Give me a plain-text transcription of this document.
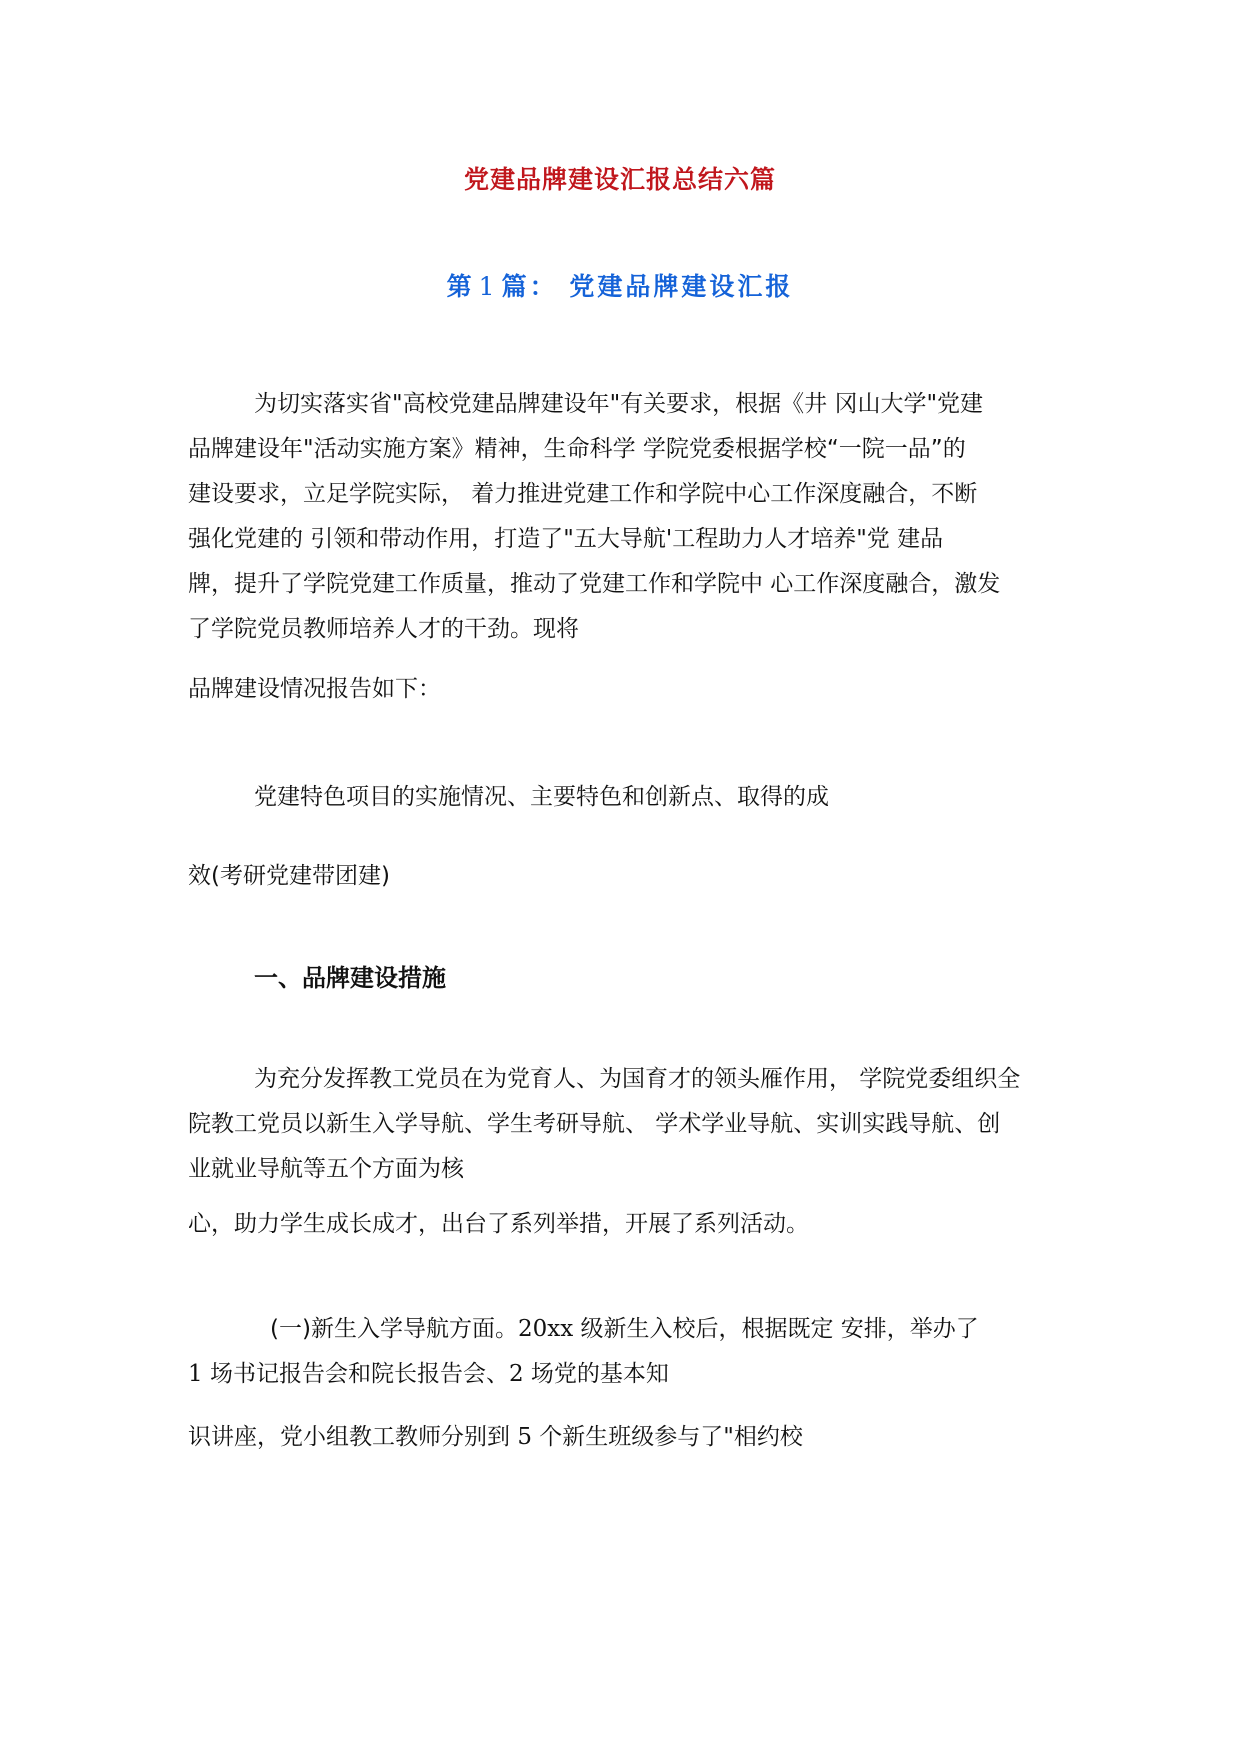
党建品牌建设汇报总结六篇
第 1 篇： 党建品牌建设汇报
为切实落实省"高校党建品牌建设年"有关要求，根据《井 冈山大学"党建
品牌建设年"活动实施方案》精神，生命科学 学院党委根据学校“一院一品”的
建设要求，立足学院实际， 着力推进党建工作和学院中心工作深度融合，不断
强化党建的 引领和带动作用，打造了"五大导航'工程助力人才培养"党 建品
牌，提升了学院党建工作质量，推动了党建工作和学院中 心工作深度融合，激发
了学院党员教师培养人才的干劲。现将
品牌建设情况报告如下：
党建特色项目的实施情况、主要特色和创新点、取得的成
效(考研党建带团建)
一、品牌建设措施
为充分发挥教工党员在为党育人、为国育才的领头雁作用， 学院党委组织全
院教工党员以新生入学导航、学生考研导航、 学术学业导航、实训实践导航、创
业就业导航等五个方面为核
心，助力学生成长成才，出台了系列举措，开展了系列活动。
(一)新生入学导航方面。20xx 级新生入校后，根据既定 安排，举办了
1 场书记报告会和院长报告会、2 场党的基本知
识讲座，党小组教工教师分别到 5 个新生班级参与了"相约校
